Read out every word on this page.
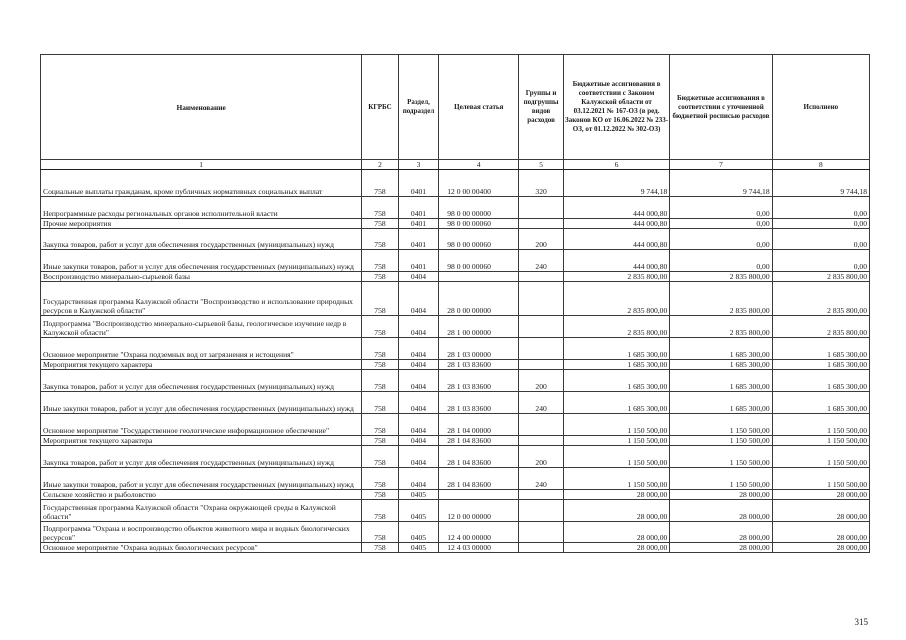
Наименование	КГРБС	Раздел, подраздел	Целевая статья	Группы и подгруппы видов расходов	Бюджетные ассигнования в соответствии с Законом Калужской области от 03.12.2021 № 167-ОЗ (в ред. Законов КО от 16.06.2022 № 233-ОЗ, от 01.12.2022 № 302-ОЗ)	Бюджетные ассигнования в соответствии с уточненной бюджетной росписью расходов	Исполнено
1	2	3	4	5	6	7	8
Социальные выплаты гражданам, кроме публичных нормативных социальных выплат	758	0401	12 0 00 00400	320	9 744,18	9 744,18	9 744,18
Непрограммные расходы региональных органов исполнительной власти	758	0401	98 0 00 00000		444 000,80	0,00	0,00
Прочие мероприятия	758	0401	98 0 00 00060		444 000,80	0,00	0,00
Закупка товаров, работ и услуг для обеспечения государственных (муниципальных) нужд	758	0401	98 0 00 00060	200	444 000,80	0,00	0,00
Иные закупки товаров, работ и услуг для обеспечения государственных (муниципальных) нужд	758	0401	98 0 00 00060	240	444 000,80	0,00	0,00
Воспроизводство минерально-сырьевой базы	758	0404			2 835 800,00	2 835 800,00	2 835 800,00
Государственная программа Калужской области "Воспроизводство и использование природных ресурсов в Калужской области"	758	0404	28 0 00 00000		2 835 800,00	2 835 800,00	2 835 800,00
Подпрограмма "Воспроизводство минерально-сырьевой базы, геологическое изучение недр в Калужской области"	758	0404	28 1 00 00000		2 835 800,00	2 835 800,00	2 835 800,00
Основное мероприятие "Охрана подземных вод от загрязнения и истощения"	758	0404	28 1 03 00000		1 685 300,00	1 685 300,00	1 685 300,00
Мероприятия текущего характера	758	0404	28 1 03 83600		1 685 300,00	1 685 300,00	1 685 300,00
Закупка товаров, работ и услуг для обеспечения государственных (муниципальных) нужд	758	0404	28 1 03 83600	200	1 685 300,00	1 685 300,00	1 685 300,00
Иные закупки товаров, работ и услуг для обеспечения государственных (муниципальных) нужд	758	0404	28 1 03 83600	240	1 685 300,00	1 685 300,00	1 685 300,00
Основное мероприятие "Государственное геологическое информационное обеспечение"	758	0404	28 1 04 00000		1 150 500,00	1 150 500,00	1 150 500,00
Мероприятия текущего характера	758	0404	28 1 04 83600		1 150 500,00	1 150 500,00	1 150 500,00
Закупка товаров, работ и услуг для обеспечения государственных (муниципальных) нужд	758	0404	28 1 04 83600	200	1 150 500,00	1 150 500,00	1 150 500,00
Иные закупки товаров, работ и услуг для обеспечения государственных (муниципальных) нужд	758	0404	28 1 04 83600	240	1 150 500,00	1 150 500,00	1 150 500,00
Сельское хозяйство и рыболовство	758	0405			28 000,00	28 000,00	28 000,00
Государственная программа Калужской области "Охрана окружающей среды в Калужской области"	758	0405	12 0 00 00000		28 000,00	28 000,00	28 000,00
Подпрограмма "Охрана и воспроизводство объектов животного мира и водных биологических ресурсов"	758	0405	12 4 00 00000		28 000,00	28 000,00	28 000,00
Основное мероприятие "Охрана водных биологических ресурсов"	758	0405	12 4 03 00000		28 000,00	28 000,00	28 000,00
315
